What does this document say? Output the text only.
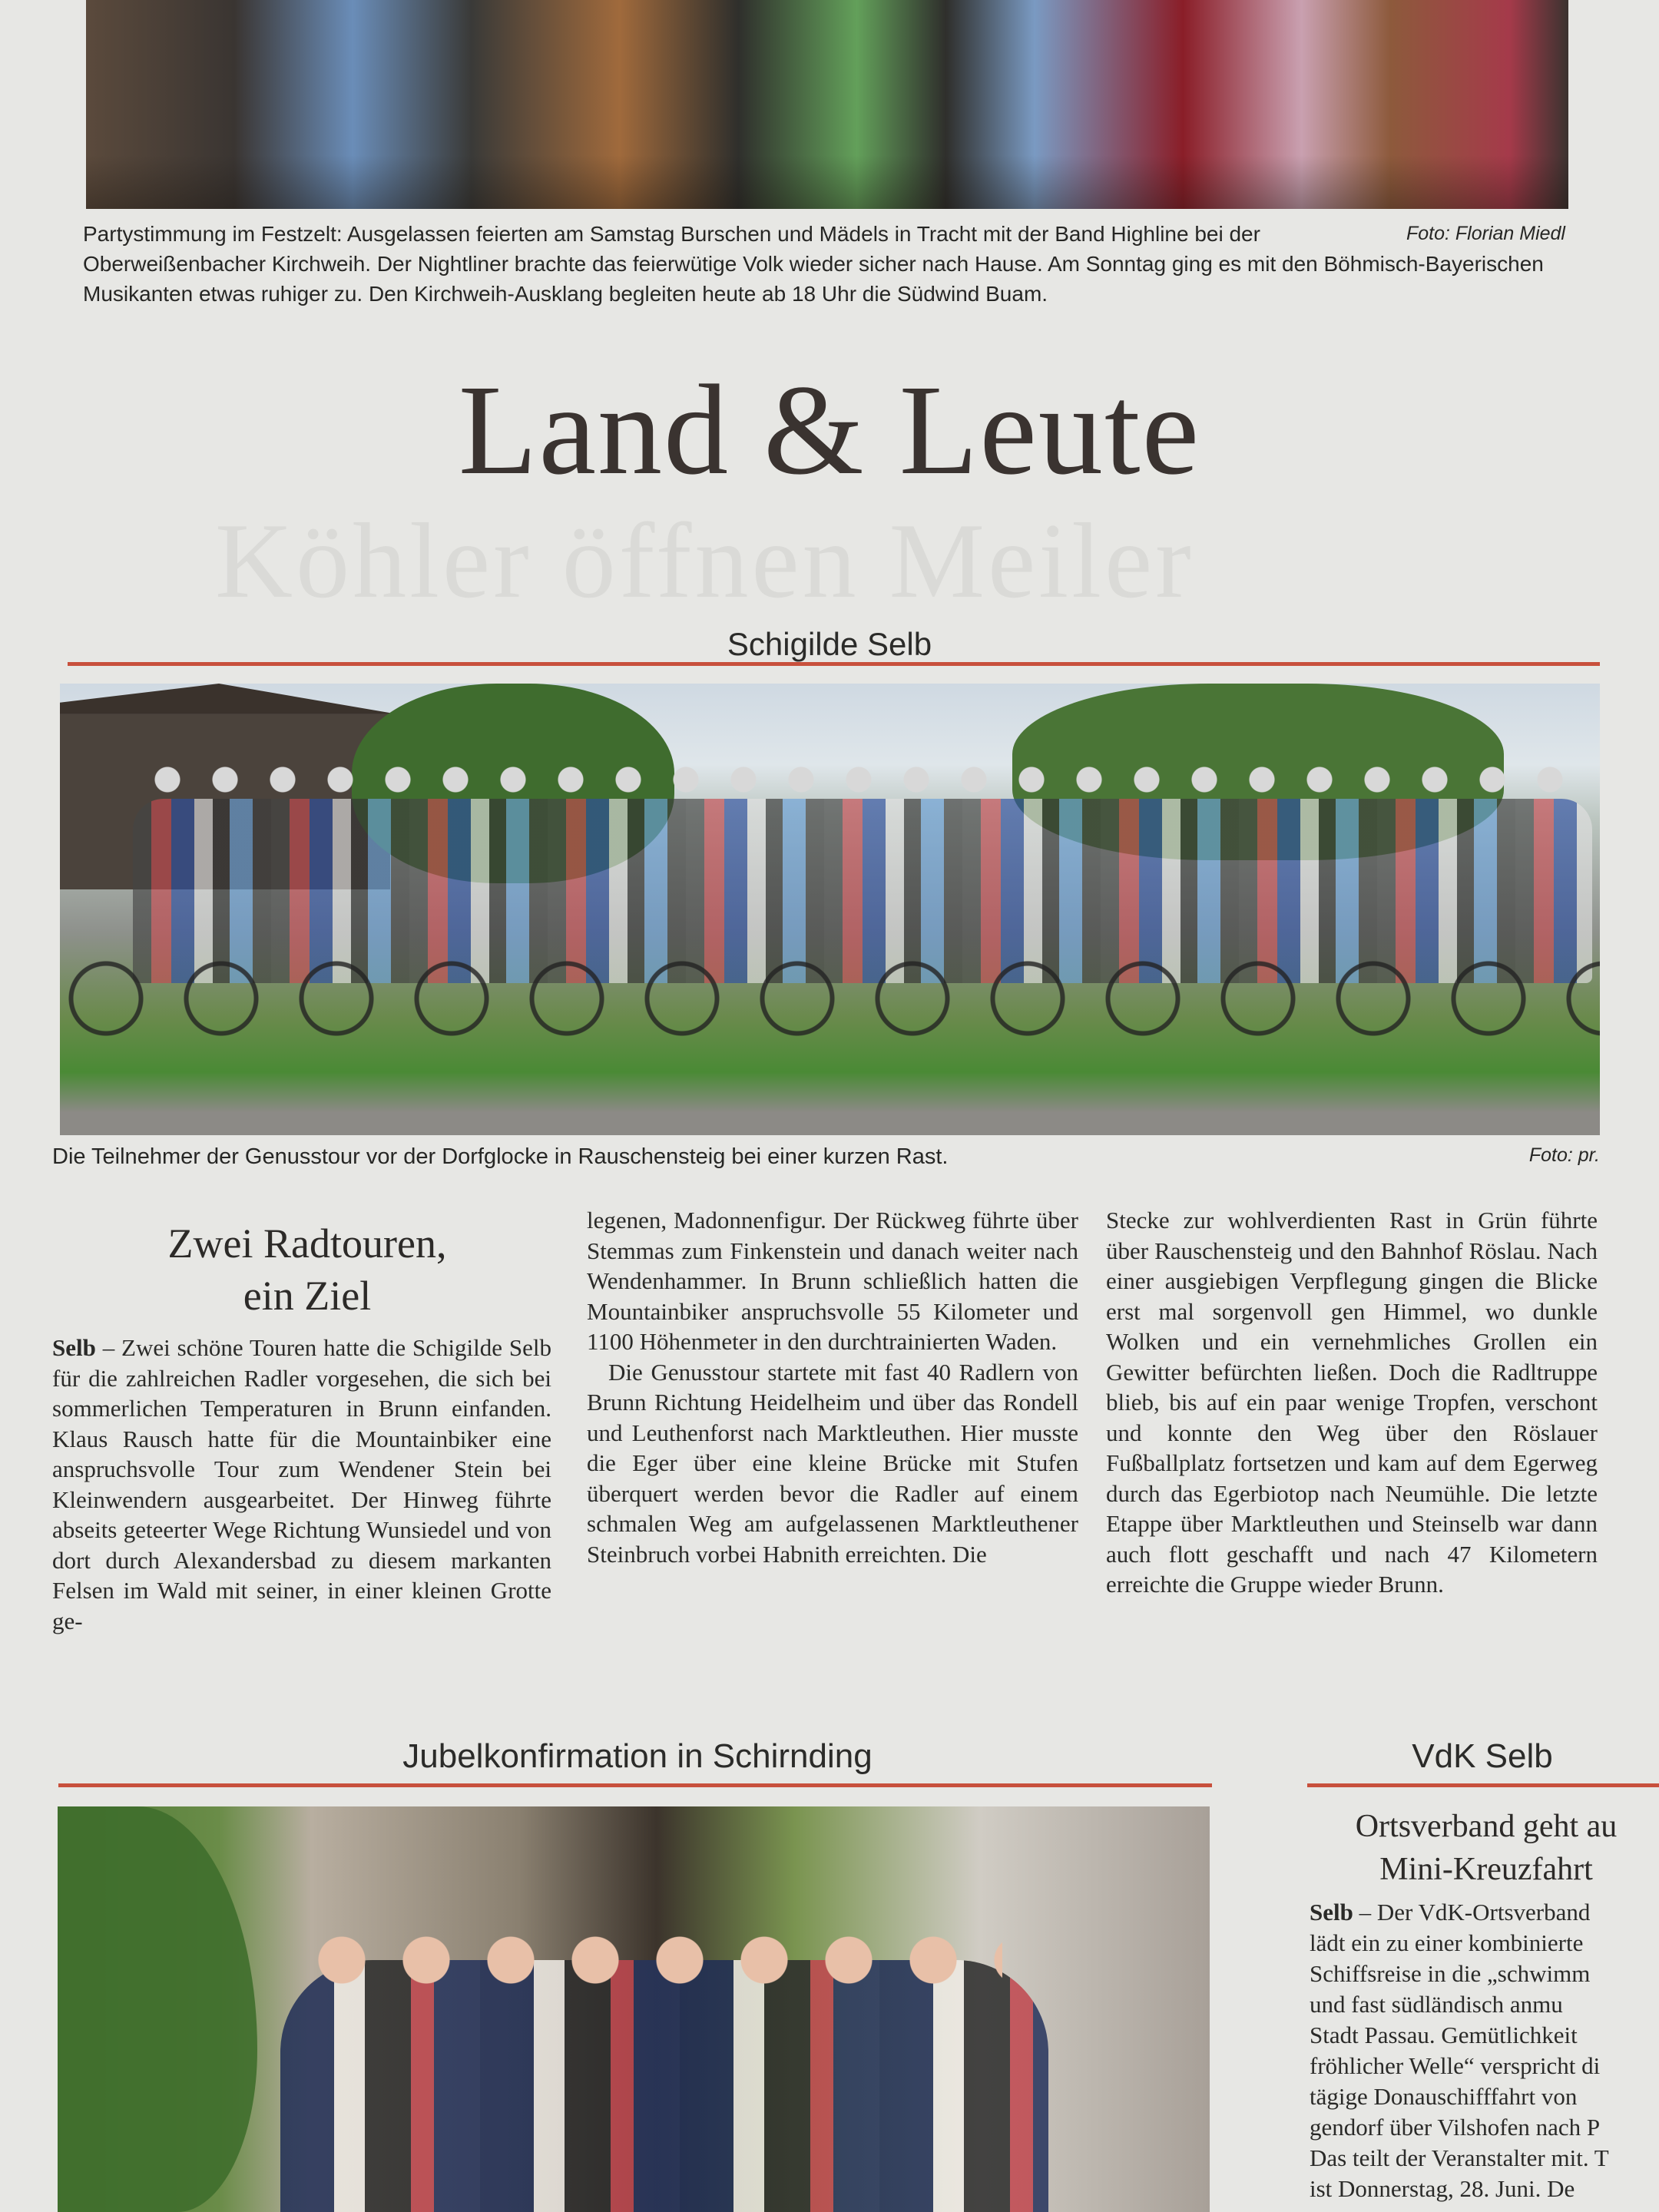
Foto: Florian Miedl
Partystimmung im Festzelt: Ausgelassen feierten am Samstag Burschen und Mädels in Tracht mit der Band Highline bei der Oberweißenbacher Kirchweih. Der Nightliner brachte das feierwütige Volk wieder sicher nach Hause. Am Sonntag ging es mit den Böhmisch-Bayerischen Musikanten etwas ruhiger zu. Den Kirchweih-Ausklang begleiten heute ab 18 Uhr die Südwind Buam.
Köhler öffnen Meiler
Land & Leute
Schigilde Selb
Foto: pr.
Die Teilnehmer der Genusstour vor der Dorfglocke in Rauschensteig bei einer kurzen Rast.
Zwei Radtouren,
ein Ziel

Selb – Zwei schöne Touren hatte die Schigilde Selb für die zahlreichen Radler vorgesehen, die sich bei sommerlichen Temperaturen in Brunn einfanden. Klaus Rausch hatte für die Mountainbiker eine anspruchsvolle Tour zum Wendener Stein bei Kleinwendern ausgearbeitet. Der Hinweg führte abseits geteerter Wege Richtung Wunsiedel und von dort durch Alexandersbad zu diesem markanten Felsen im Wald mit seiner, in einer kleinen Grotte ge-

legenen, Madonnenfigur. Der Rückweg führte über Stemmas zum Finkenstein und danach weiter nach Wendenhammer. In Brunn schließlich hatten die Mountainbiker anspruchsvolle 55 Kilometer und 1100 Höhenmeter in den durchtrainierten Waden.

Die Genusstour startete mit fast 40 Radlern von Brunn Richtung Heidelheim und über das Rondell und Leuthenforst nach Marktleuthen. Hier musste die Eger über eine kleine Brücke mit Stufen überquert werden bevor die Radler auf einem schmalen Weg am aufgelassenen Marktleuthener Steinbruch vorbei Habnith erreichten. Die

Stecke zur wohlverdienten Rast in Grün führte über Rauschensteig und den Bahnhof Röslau. Nach einer ausgiebigen Verpflegung gingen die Blicke erst mal sorgenvoll gen Himmel, wo dunkle Wolken und ein vernehmliches Grollen ein Gewitter befürchten ließen. Doch die Radltruppe blieb, bis auf ein paar wenige Tropfen, verschont und konnte den Weg über den Röslauer Fußballplatz fortsetzen und kam auf dem Egerweg durch das Egerbiotop nach Neumühle. Die letzte Etappe über Marktleuthen und Steinselb war dann auch flott geschafft und nach 47 Kilometern erreichte die Gruppe wieder Brunn.

Jubelkonfirmation in Schirnding	VdK Selb
Ortsverband geht au
Mini-Kreuzfahrt
Selb – Der VdK-Ortsverband
lädt ein zu einer kombinierte
Schiffsreise in die „schwimm
und fast südländisch anmu
Stadt Passau. Gemütlichkeit
fröhlicher Welle“ verspricht di
tägige Donauschifffahrt von
gendorf über Vilshofen nach P
Das teilt der Veranstalter mit. T
ist Donnerstag, 28. Juni. De
